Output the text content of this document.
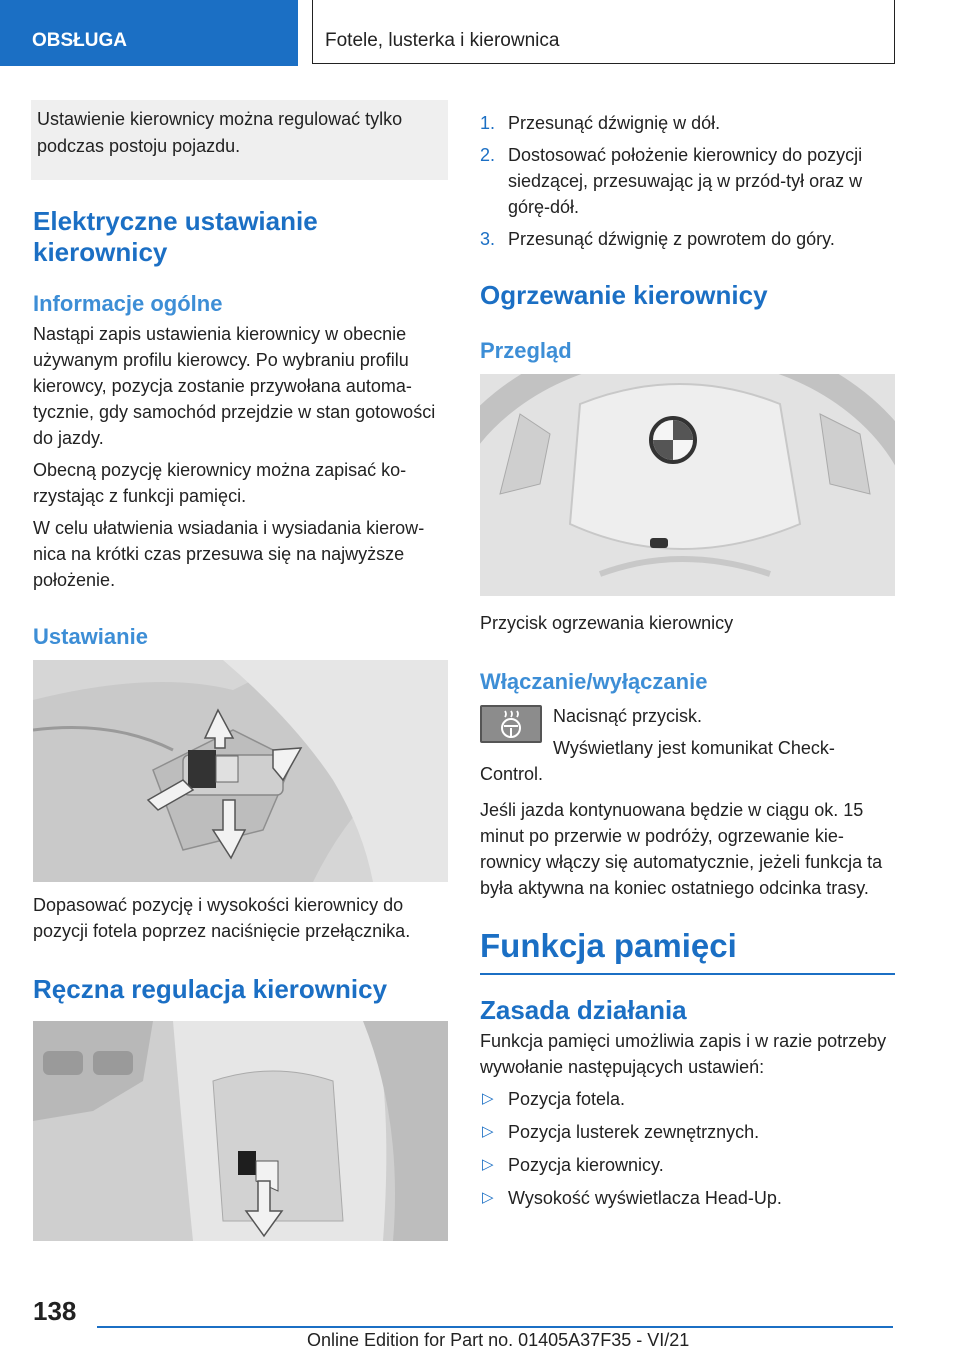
OBSŁUGA	Fotele, lusterka i kierownica
Ustawienie kierownicy można regulować tylko podczas postoju pojazdu.
Elektryczne ustawianie kierownicy
Informacje ogólne

Nastąpi zapis ustawienia kierownicy w obecnie używanym profilu kierowcy. Po wybraniu profilu kierowcy, pozycja zostanie przywołana automatycznie, gdy samochód przejdzie w stan gotowości do jazdy.

Obecną pozycję kierownicy można zapisać korzystając z funkcji pamięci.

W celu ułatwienia wsiadania i wysiadania kierownica na krótki czas przesuwa się na najwyższe położenie.

Ustawianie
Dopasować pozycję i wysokości kierownicy do pozycji fotela poprzez naciśnięcie przełącznika.
Ręczna regulacja kierownicy
1. Przesunąć dźwignię w dół.
2. Dostosować położenie kierownicy do pozycji siedzącej, przesuwając ją w przód-tył oraz w górę-dół.
3. Przesunąć dźwignię z powrotem do góry.
Ogrzewanie kierownicy
Przegląd
Przycisk ogrzewania kierownicy
Włączanie/wyłączanie

Nacisnąć przycisk.

Wyświetlany jest komunikat Check-Control.

Jeśli jazda kontynuowana będzie w ciągu ok. 15 minut po przerwie w podróży, ogrzewanie kierownicy włączy się automatycznie, jeżeli funkcja ta była aktywna na koniec ostatniego odcinka trasy.

Funkcja pamięci
Zasada działania

Funkcja pamięci umożliwia zapis i w razie potrzeby wywołanie następujących ustawień:

▷ Pozycja fotela.
▷ Pozycja lusterek zewnętrznych.
▷ Pozycja kierownicy.
▷ Wysokość wyświetlacza Head-Up.
138
Online Edition for Part no. 01405A37F35 - VI/21
